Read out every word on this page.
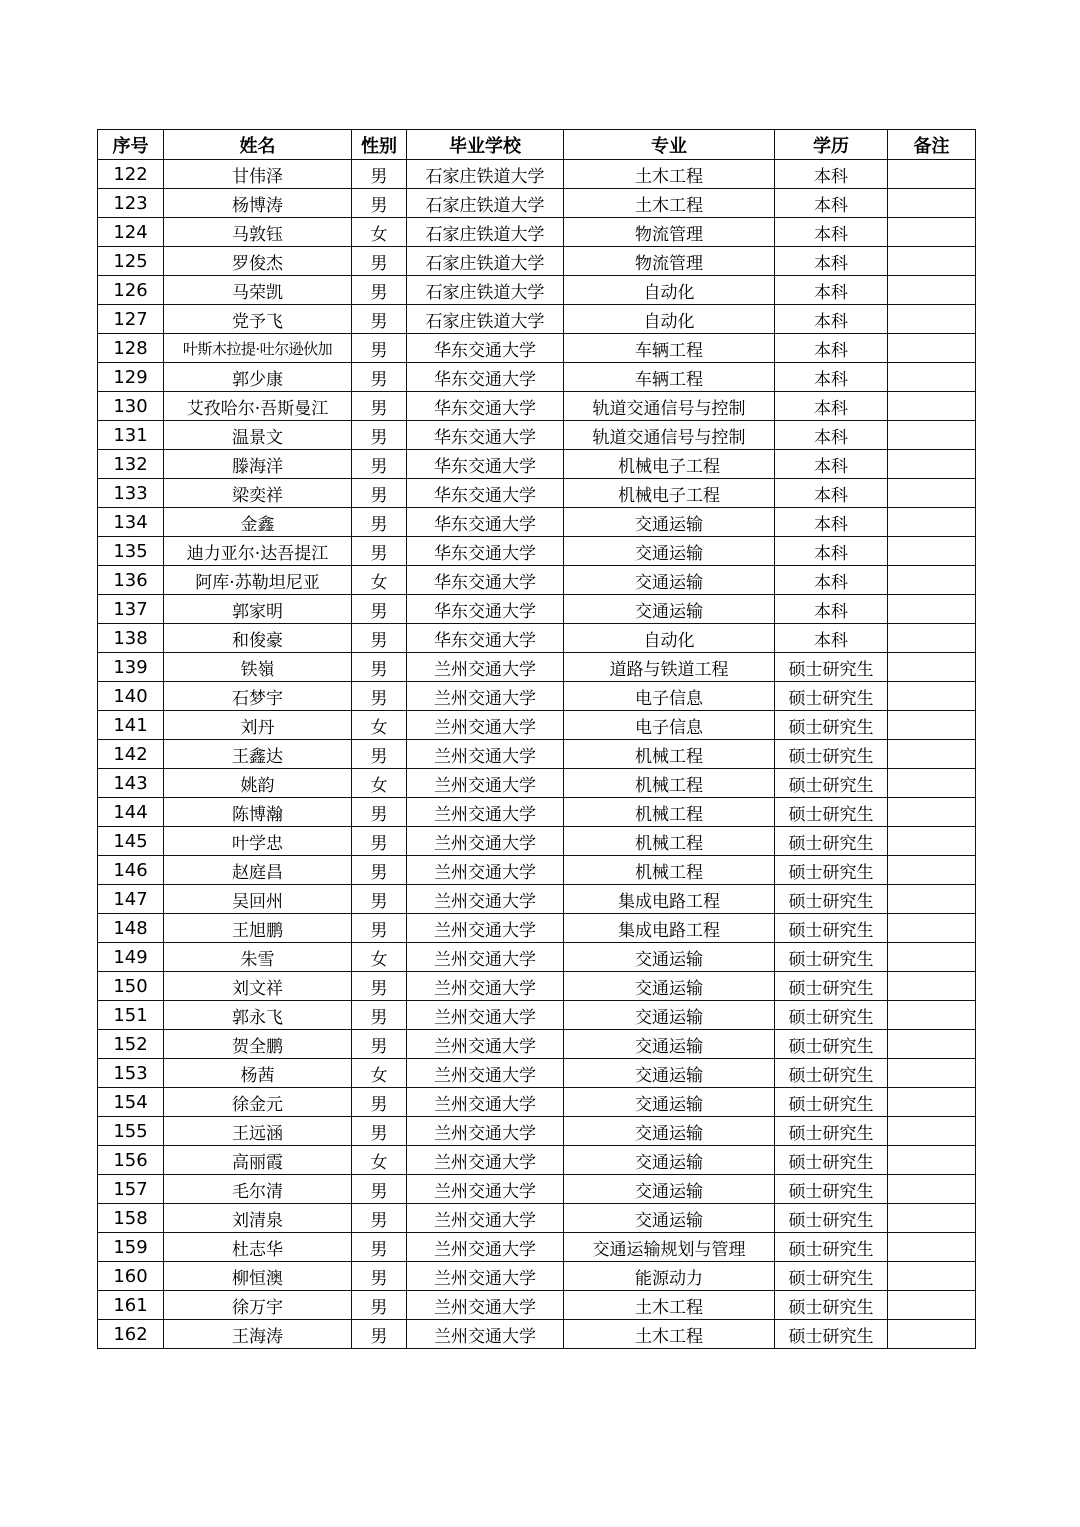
序号	姓名	性别	毕业学校	专业	学历	备注
122	甘伟泽	男	石家庄铁道大学	土木工程	本科	
123	杨博涛	男	石家庄铁道大学	土木工程	本科	
124	马敦钰	女	石家庄铁道大学	物流管理	本科	
125	罗俊杰	男	石家庄铁道大学	物流管理	本科	
126	马荣凯	男	石家庄铁道大学	自动化	本科	
127	党予飞	男	石家庄铁道大学	自动化	本科	
128	叶斯木拉提·吐尔逊伙加	男	华东交通大学	车辆工程	本科	
129	郭少康	男	华东交通大学	车辆工程	本科	
130	艾孜哈尔·吾斯曼江	男	华东交通大学	轨道交通信号与控制	本科	
131	温景文	男	华东交通大学	轨道交通信号与控制	本科	
132	滕海洋	男	华东交通大学	机械电子工程	本科	
133	梁奕祥	男	华东交通大学	机械电子工程	本科	
134	金鑫	男	华东交通大学	交通运输	本科	
135	迪力亚尔·达吾提江	男	华东交通大学	交通运输	本科	
136	阿库·苏勒坦尼亚	女	华东交通大学	交通运输	本科	
137	郭家明	男	华东交通大学	交通运输	本科	
138	和俊豪	男	华东交通大学	自动化	本科	
139	铁嶺	男	兰州交通大学	道路与铁道工程	硕士研究生	
140	石梦宇	男	兰州交通大学	电子信息	硕士研究生	
141	刘丹	女	兰州交通大学	电子信息	硕士研究生	
142	王鑫达	男	兰州交通大学	机械工程	硕士研究生	
143	姚韵	女	兰州交通大学	机械工程	硕士研究生	
144	陈博瀚	男	兰州交通大学	机械工程	硕士研究生	
145	叶学忠	男	兰州交通大学	机械工程	硕士研究生	
146	赵庭昌	男	兰州交通大学	机械工程	硕士研究生	
147	吴回州	男	兰州交通大学	集成电路工程	硕士研究生	
148	王旭鹏	男	兰州交通大学	集成电路工程	硕士研究生	
149	朱雪	女	兰州交通大学	交通运输	硕士研究生	
150	刘文祥	男	兰州交通大学	交通运输	硕士研究生	
151	郭永飞	男	兰州交通大学	交通运输	硕士研究生	
152	贺全鹏	男	兰州交通大学	交通运输	硕士研究生	
153	杨茜	女	兰州交通大学	交通运输	硕士研究生	
154	徐金元	男	兰州交通大学	交通运输	硕士研究生	
155	王远涵	男	兰州交通大学	交通运输	硕士研究生	
156	高丽霞	女	兰州交通大学	交通运输	硕士研究生	
157	毛尔清	男	兰州交通大学	交通运输	硕士研究生	
158	刘清泉	男	兰州交通大学	交通运输	硕士研究生	
159	杜志华	男	兰州交通大学	交通运输规划与管理	硕士研究生	
160	柳恒澳	男	兰州交通大学	能源动力	硕士研究生	
161	徐万宇	男	兰州交通大学	土木工程	硕士研究生	
162	王海涛	男	兰州交通大学	土木工程	硕士研究生	
